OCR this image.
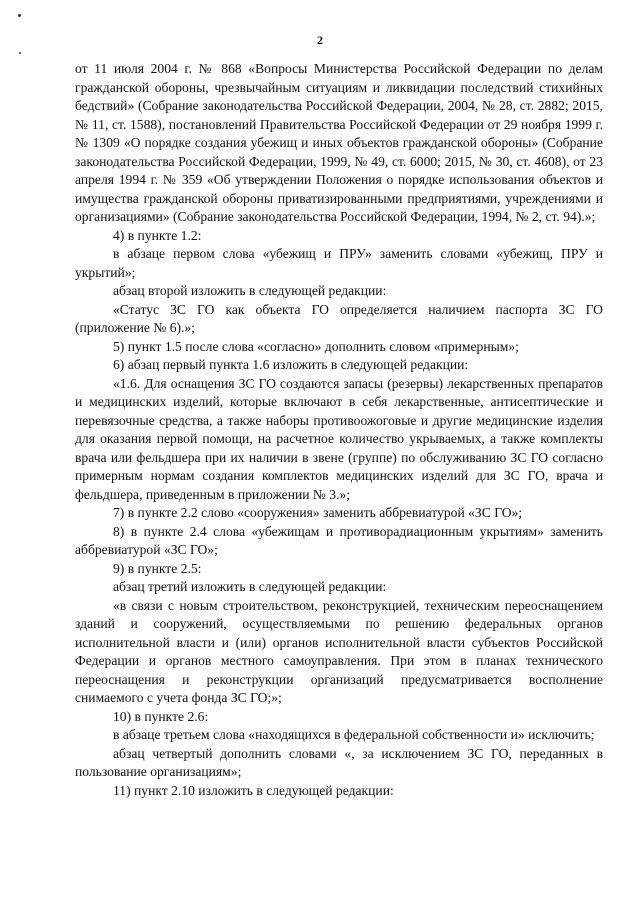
2

от 11 июля 2004 г. № 868 «Вопросы Министерства Российской Федерации по делам гражданской обороны, чрезвычайным ситуациям и ликвидации последствий стихийных бедствий» (Собрание законодательства Российской Федерации, 2004, № 28, ст. 2882; 2015, № 11, ст. 1588), постановлений Правительства Российской Федерации от 29 ноября 1999 г. № 1309 «О порядке создания убежищ и иных объектов гражданской обороны» (Собрание законодательства Российской Федерации, 1999, № 49, ст. 6000; 2015, № 30, ст. 4608), от 23 апреля 1994 г. № 359 «Об утверждении Положения о порядке использования объектов и имущества гражданской обороны приватизированными предприятиями, учреждениями и организациями» (Собрание законодательства Российской Федерации, 1994, № 2, ст. 94).»;

4) в пункте 1.2:

в абзаце первом слова «убежищ и ПРУ» заменить словами «убежищ, ПРУ и укрытий»;

абзац второй изложить в следующей редакции:

«Статус ЗС ГО как объекта ГО определяется наличием паспорта ЗС ГО (приложение № 6).»;

5) пункт 1.5 после слова «согласно» дополнить словом «примерным»;

6) абзац первый пункта 1.6 изложить в следующей редакции:

«1.6. Для оснащения ЗС ГО создаются запасы (резервы) лекарственных препаратов и медицинских изделий, которые включают в себя лекарственные, антисептические и перевязочные средства, а также наборы противоожоговые и другие медицинские изделия для оказания первой помощи, на расчетное количество укрываемых, а также комплекты врача или фельдшера при их наличии в звене (группе) по обслуживанию ЗС ГО согласно примерным нормам создания комплектов медицинских изделий для ЗС ГО, врача и фельдшера, приведенным в приложении № 3.»;

7) в пункте 2.2 слово «сооружения» заменить аббревиатурой «ЗС ГО»;

8) в пункте 2.4 слова «убежищам и противорадиационным укрытиям» заменить аббревиатурой «ЗС ГО»;

9) в пункте 2.5:

абзац третий изложить в следующей редакции:

«в связи с новым строительством, реконструкцией, техническим переоснащением зданий и сооружений, осуществляемыми по решению федеральных органов исполнительной власти и (или) органов исполнительной власти субъектов Российской Федерации и органов местного самоуправления. При этом в планах технического переоснащения и реконструкции организаций предусматривается восполнение снимаемого с учета фонда ЗС ГО;»;

10) в пункте 2.6:

в абзаце третьем слова «находящихся в федеральной собственности и» исключить;

абзац четвертый дополнить словами «, за исключением ЗС ГО, переданных в пользование организациям»;

11) пункт 2.10 изложить в следующей редакции:
